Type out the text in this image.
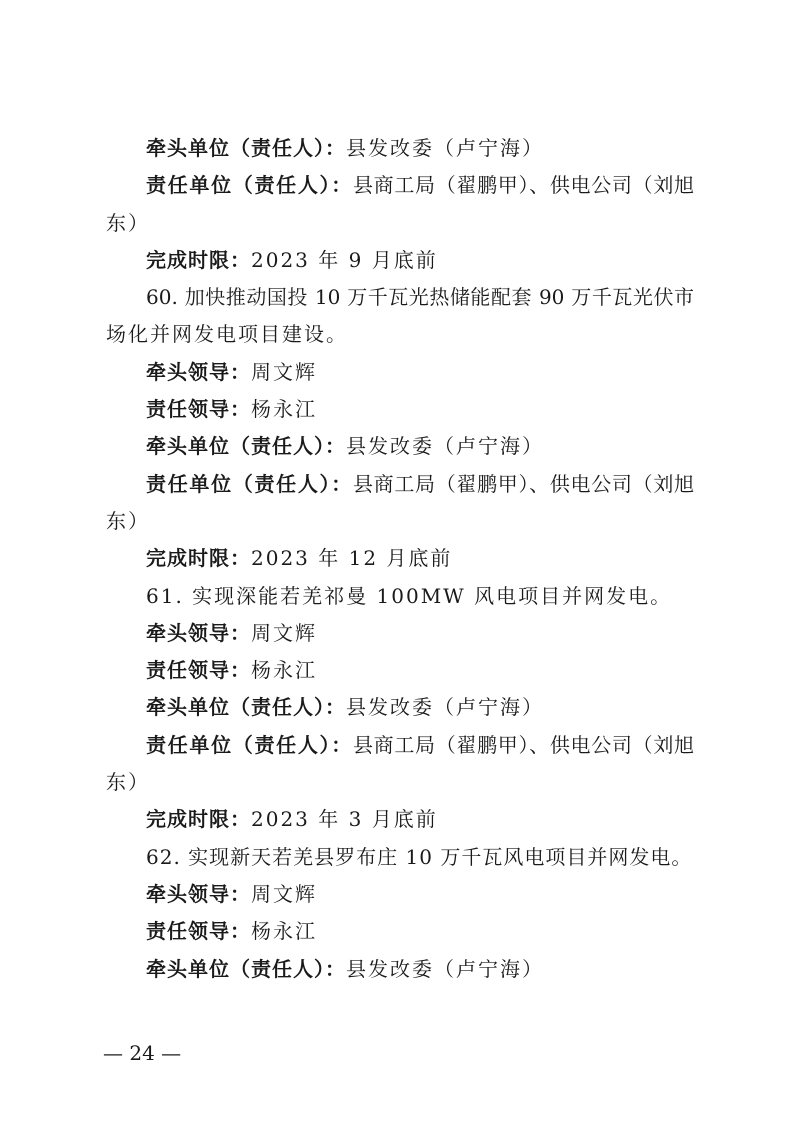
牵头单位（责任人）：县发改委（卢宁海）
责任单位（责任人）：县商工局（翟鹏甲）、供电公司（刘旭
东）
完成时限：2023 年 9 月底前
60. 加快推动国投 10 万千瓦光热储能配套 90 万千瓦光伏市
场化并网发电项目建设。
牵头领导：周文辉
责任领导：杨永江
牵头单位（责任人）：县发改委（卢宁海）
责任单位（责任人）：县商工局（翟鹏甲）、供电公司（刘旭
东）
完成时限：2023 年 12 月底前
61. 实现深能若羌祁曼 100MW 风电项目并网发电。
牵头领导：周文辉
责任领导：杨永江
牵头单位（责任人）：县发改委（卢宁海）
责任单位（责任人）：县商工局（翟鹏甲）、供电公司（刘旭
东）
完成时限：2023 年 3 月底前
62. 实现新天若羌县罗布庄 10 万千瓦风电项目并网发电。
牵头领导：周文辉
责任领导：杨永江
牵头单位（责任人）：县发改委（卢宁海）
— 24 —
